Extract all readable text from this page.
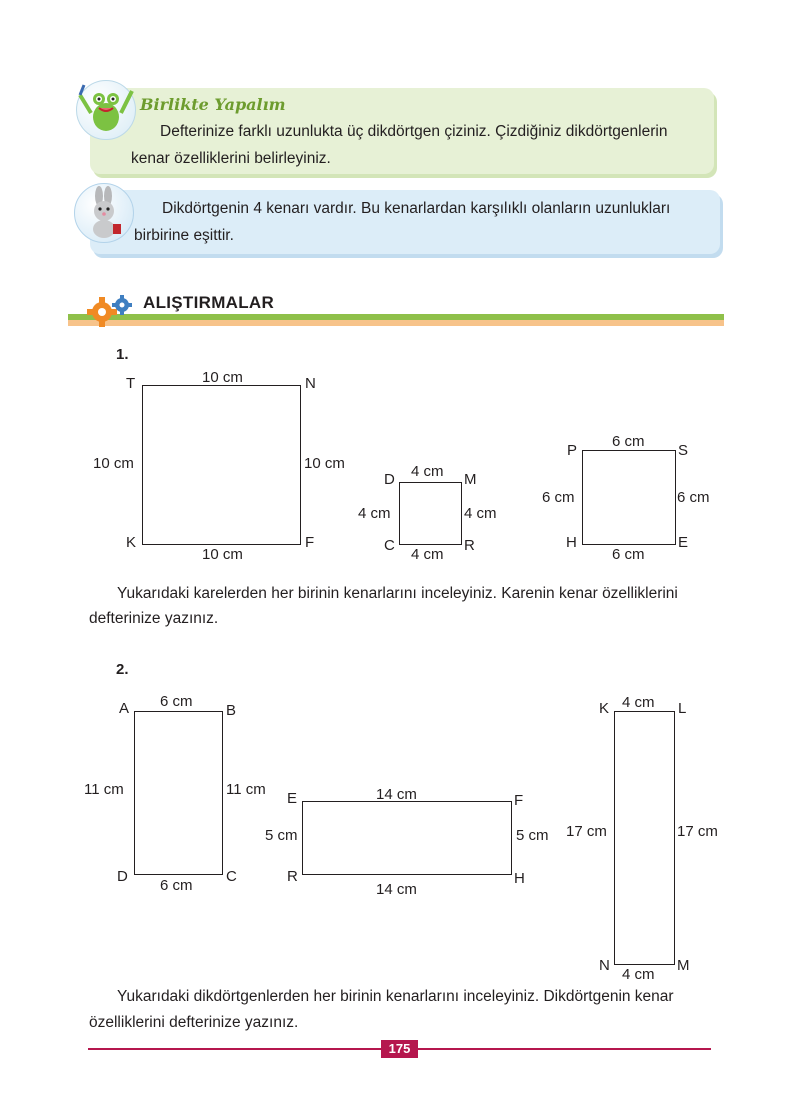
Birlikte Yapalım
Defterinize farklı uzunlukta üç dikdörtgen çiziniz. Çizdiğiniz dikdörtgenlerin
kenar özelliklerini belirleyiniz.
Dikdörtgenin 4 kenarı vardır. Bu kenarlardan karşılıklı olanların uzunlukları
birbirine eşittir.
ALIŞTIRMALAR
1.
T	N
K	F
10 cm
10 cm
10 cm	10 cm
D	M
C	R
4 cm
4 cm
4 cm	4 cm
P	S
H	E
6 cm
6 cm
6 cm	6 cm
Yukarıdaki karelerden her birinin kenarlarını inceleyiniz. Karenin kenar özelliklerini
defterinize yazınız.
2.
A	B
D	C
6 cm
6 cm
11 cm	11 cm
E	F
R	H
14 cm
14 cm
5 cm	5 cm
K	L
N	M
4 cm
4 cm
17 cm	17 cm
Yukarıdaki dikdörtgenlerden her birinin kenarlarını inceleyiniz. Dikdörtgenin kenar
özelliklerini defterinize yazınız.
175
